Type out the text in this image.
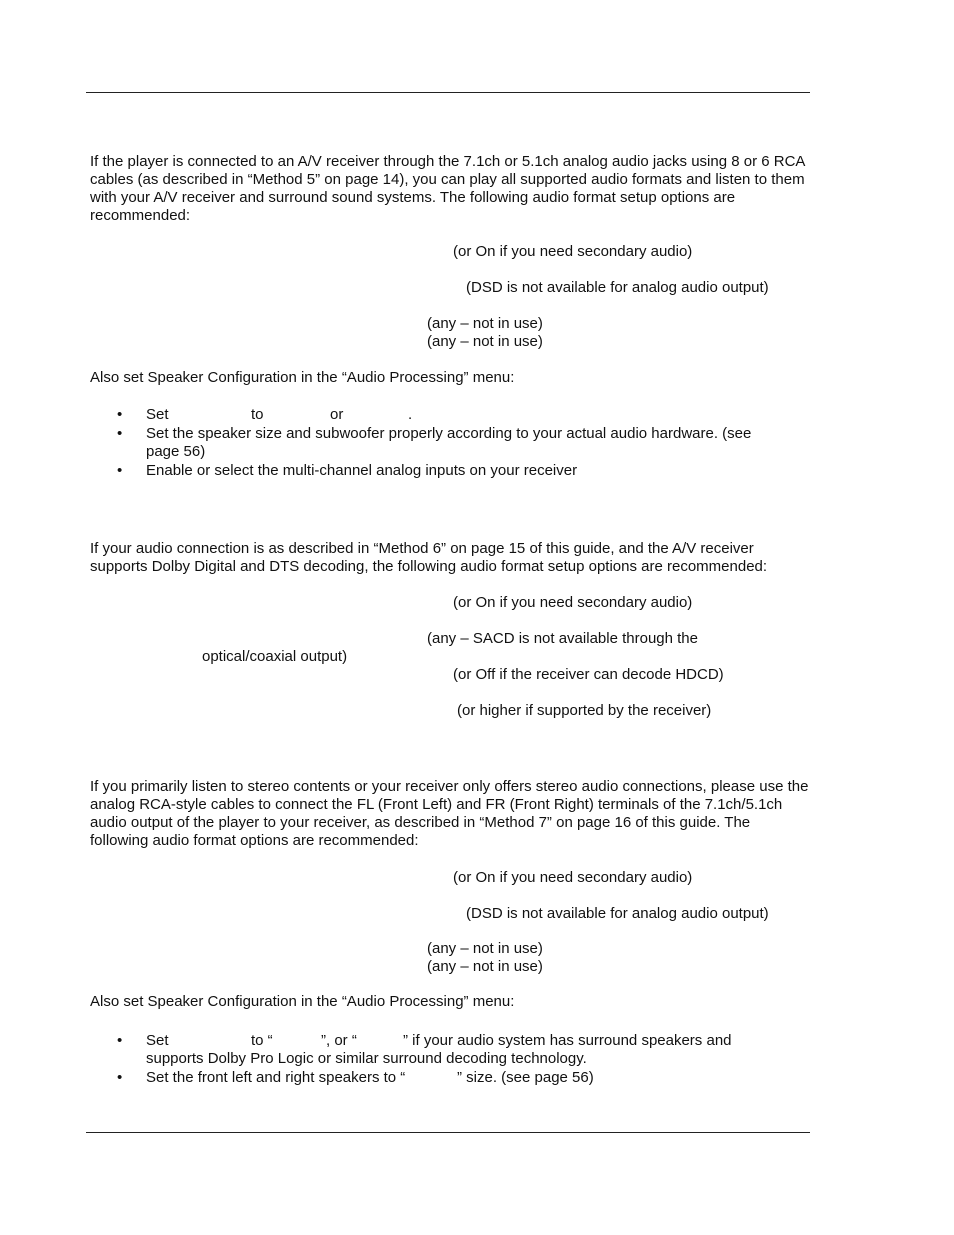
If the player is connected to an A/V receiver through the 7.1ch or 5.1ch analog audio jacks using 8 or 6 RCA cables (as described in “Method 5” on page 14), you can play all supported audio formats and listen to them with your A/V receiver and surround sound systems. The following audio format setup options are recommended:

(or On if you need secondary audio)
(DSD is not available for analog audio output)
(any – not in use)
(any – not in use)
Also set Speaker Configuration in the “Audio Processing” menu:
• Set	to	or	.
• Set the speaker size and subwoofer properly according to your actual audio hardware. (see
page 56)
• Enable or select the multi-channel analog inputs on your receiver

If your audio connection is as described in “Method 6” on page 15 of this guide, and the A/V receiver supports Dolby Digital and DTS decoding, the following audio format setup options are recommended:

(or On if you need secondary audio)
(any – SACD is not available through the
optical/coaxial output)
(or Off if the receiver can decode HDCD)
(or higher if supported by the receiver)

If you primarily listen to stereo contents or your receiver only offers stereo audio connections, please use the analog RCA-style cables to connect the FL (Front Left) and FR (Front Right) terminals of the 7.1ch/5.1ch audio output of the player to your receiver, as described in “Method 7” on page 16 of this guide. The following audio format options are recommended:

(or On if you need secondary audio)
(DSD is not available for analog audio output)
(any – not in use)
(any – not in use)
Also set Speaker Configuration in the “Audio Processing” menu:
• Set	to “	”, or “	” if your audio system has surround speakers and
supports Dolby Pro Logic or similar surround decoding technology.
• Set the front left and right speakers to “	” size. (see page 56)
